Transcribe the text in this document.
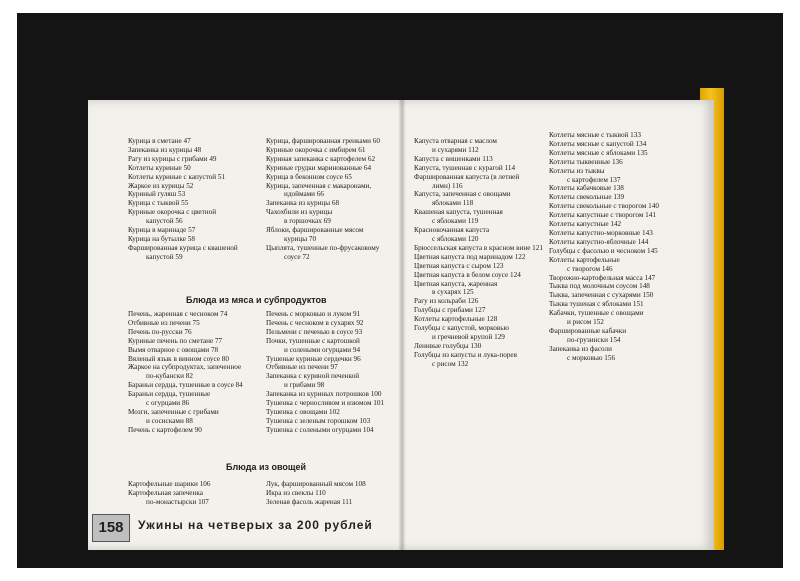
Курица в сметане 47
Запеканка из курицы 48
Рагу из курицы с грибами 49
Котлеты куриные 50
Котлеты куриные с капустой 51
Жаркое из курицы 52
Куриный гуляш 53
Курица с тыквой 55
Куриные окорочка с цветной
капустой 56
Курица в маринаде 57
Курица на бутылке 58
Фаршированная курица с квашеной
капустой 59
Курица, фаршированная гренками 60
Куриные окорочка с имбирем 61
Куриная запеканка с картофелем 62
Куриные грудки маринованные 64
Курица в беконном соусе 65
Курица, запеченная с макаронами,
идоймами 66
Запеканка из курицы 68
Чахохбили из курицы
в горшочках 69
Яблоки, фаршированные мясом
курицы 70
Цыплята, тушенные по-фрусаковому
соусе 72
Блюда из мяса и субпродуктов
Печень, жаренная с чесноком 74
Отбивные из печени 75
Печень по-русски 76
Куриные печень по сметане 77
Вымя отварное с овощами 78
Вяленый язык в винном соусе 80
Жаркое на субпродуктах, запеченное
по-кубански 82
Бараньи сердца, тушенные в соусе 84
Бараньи сердца, тушенные
с огурцами 86
Мозги, запеченные с грибами
и сосисками 88
Печень с картофелем 90
Печень с морковью и луком 91
Печень с чесноком в сухарях 92
Пельмени с печенью в соусе 93
Почки, тушенные с картошкой
и солеными огурцами 94
Тушеные куриные сердечки 96
Отбивные из печени 97
Запеканка с куриной печенкой
и грибами 98
Запеканка из куриных потрошков 100
Тушенка с черносливом и изюмом 101
Тушенка с овощами 102
Тушенка с зеленым горошком 103
Тушенка с солеными огурцами 104
Блюда из овощей
Картофельные шарики 106
Картофельная запеченка
по-монастырски 107
Лук, фаршированный мясом 108
Икра из свеклы 110
Зеленая фасоль жареная 111
Капуста отварная с маслом
и сухарями 112
Капуста с вишенками 113
Капуста, тушенная с курагой 114
Фаршированная капуста (в летней
лимн) 116
Капуста, запеченная с овощами
яблоками 118
Квашеная капуста, тушенная
с яблоками 119
Краснокочанная капуста
с яблоками 120
Брюссельская капуста в красном вине 121
Цветная капуста под маринадом 122
Цветная капуста с сыром 123
Цветная капуста в белом соусе 124
Цветная капуста, жаренная
в сухарях 125
Рагу из кольраби 126
Голубцы с грибами 127
Котлеты картофельные 128
Голубцы с капустой, морковью
и гречневой крупой 129
Ленивые голубцы 130
Голубцы из капусты и лука-порея
с рисом 132
Котлеты мясные с тыквой 133
Котлеты мясные с капустой 134
Котлеты мясные с яблоками 135
Котлеты тыквенные 136
Котлеты из тыквы
с картофелем 137
Котлеты кабачковые 138
Котлеты свекольные 139
Котлеты свекольные с творогом 140
Котлеты капустные с творогом 141
Котлеты капустные 142
Котлеты капустно-морковные 143
Котлеты капустно-яблочные 144
Голубцы с фасолью и чесноком 145
Котлеты картофельные
с творогом 146
Творожно-картофельная масса 147
Тыква под молочным соусом 148
Тыква, запеченная с сухарями 150
Тыква тушеная с яблоками 151
Кабачки, тушенные с овощами
и рисом 152
Фаршированные кабачки
по-грузински 154
Запеканка из фасоли
с морковью 156
158	Ужины на четверых за 200 рублей
